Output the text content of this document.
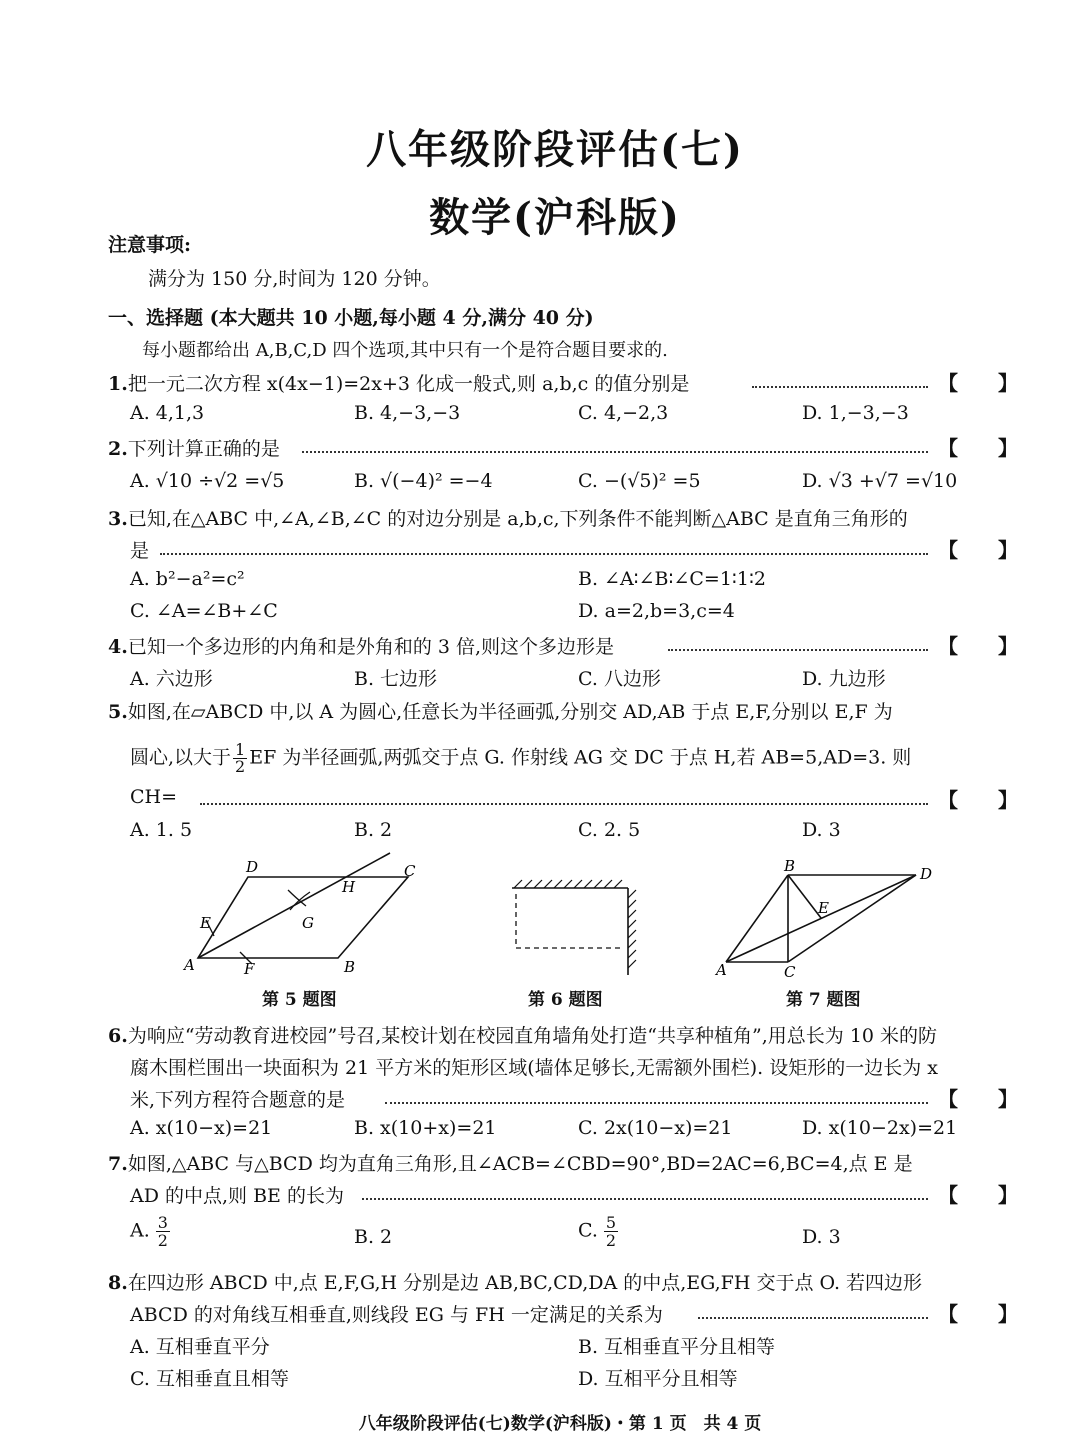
八年级阶段评估(七)
数学(沪科版)
注意事项:
满分为 150 分,时间为 120 分钟。
一、选择题 (本大题共 10 小题,每小题 4 分,满分 40 分)
每小题都给出 A,B,C,D 四个选项,其中只有一个是符合题目要求的.
1.把一元二次方程 x(4x−1)=2x+3 化成一般式,则 a,b,c 的值分别是	【　　】
A. 4,1,3	B. 4,−3,−3	C. 4,−2,3	D. 1,−3,−3
2.下列计算正确的是	【　　】
A. √10 ÷√2 =√5	B. √(−4)² =−4	C. −(√5)² =5	D. √3 +√7 =√10
3.已知,在△ABC 中,∠A,∠B,∠C 的对边分别是 a,b,c,下列条件不能判断△ABC 是直角三角形的
是	【　　】
A. b²−a²=c²	B. ∠A∶∠B∶∠C=1∶1∶2
C. ∠A=∠B+∠C	D. a=2,b=3,c=4
4.已知一个多边形的内角和是外角和的 3 倍,则这个多边形是	【　　】
A. 六边形	B. 七边形	C. 八边形	D. 九边形
5.如图,在▱ABCD 中,以 A 为圆心,任意长为半径画弧,分别交 AD,AB 于点 E,F,分别以 E,F 为
圆心,以大于 $\frac{1}{2}$ EF 为半径画弧,两弧交于点 G. 作射线 AG 交 DC 于点 H,若 AB=5,AD=3. 则
CH=	【　　】
A. 1. 5	B. 2	C. 2. 5	D. 3
A	B
C
D
E
F
G
H
第 5 题图	第 6 题图
A
B
C
D
E
第 7 题图
6.为响应“劳动教育进校园”号召,某校计划在校园直角墙角处打造“共享种植角”,用总长为 10 米的防
腐木围栏围出一块面积为 21 平方米的矩形区域(墙体足够长,无需额外围栏). 设矩形的一边长为 x
米,下列方程符合题意的是	【　　】
A. x(10−x)=21	B. x(10+x)=21	C. 2x(10−x)=21	D. x(10−2x)=21
7.如图,△ABC 与△BCD 均为直角三角形,且∠ACB=∠CBD=90°,BD=2AC=6,BC=4,点 E 是
AD 的中点,则 BE 的长为	【　　】
A. $\frac{3}{2}$	B. 2	C. $\frac{5}{2}$	D. 3
8.在四边形 ABCD 中,点 E,F,G,H 分别是边 AB,BC,CD,DA 的中点,EG,FH 交于点 O. 若四边形
ABCD 的对角线互相垂直,则线段 EG 与 FH 一定满足的关系为	【　　】
A. 互相垂直平分	B. 互相垂直平分且相等
C. 互相垂直且相等	D. 互相平分且相等
八年级阶段评估(七)数学(沪科版)・第 1 页　共 4 页
